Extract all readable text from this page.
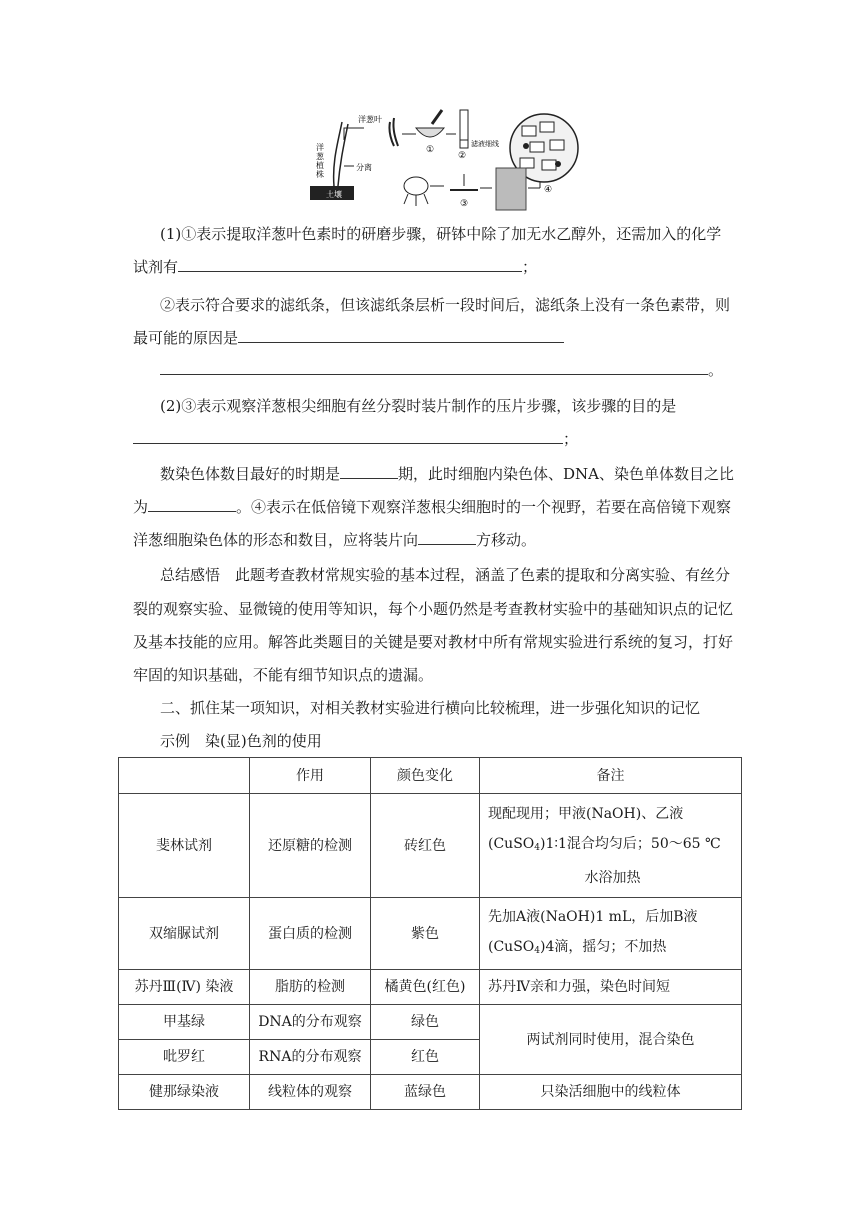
土壤
洋葱植株
洋葱叶
①
②
滤液细线
分离
③
④
(1)①表示提取洋葱叶色素时的研磨步骤，研钵中除了加无水乙醇外，还需加入的化学
试剂有	；
②表示符合要求的滤纸条，但该滤纸条层析一段时间后，滤纸条上没有一条色素带，则
最可能的原因是
。
(2)③表示观察洋葱根尖细胞有丝分裂时装片制作的压片步骤，该步骤的目的是
；
数染色体数目最好的时期是	期，此时细胞内染色体、DNA、染色单体数目之比
为	。④表示在低倍镜下观察洋葱根尖细胞时的一个视野，若要在高倍镜下观察
洋葱细胞染色体的形态和数目，应将装片向	方移动。
总结感悟　此题考查教材常规实验的基本过程，涵盖了色素的提取和分离实验、有丝分
裂的观察实验、显微镜的使用等知识，每个小题仍然是考查教材实验中的基础知识点的记忆
及基本技能的应用。解答此类题目的关键是要对教材中所有常规实验进行系统的复习，打好
牢固的知识基础，不能有细节知识点的遗漏。
二、抓住某一项知识，对相关教材实验进行横向比较梳理，进一步强化知识的记忆
示例　染(显)色剂的使用
	作用	颜色变化	备注
斐林试剂	还原糖的检测	砖红色	现配现用；甲液(NaOH)、乙液
(CuSO$_4$)1∶1混合均匀后；50～65 ℃
水浴加热

双缩脲试剂	蛋白质的检测	紫色	先加A液(NaOH)1 mL，后加B液
(CuSO$_4$)4滴，摇匀；不加热

苏丹Ⅲ(Ⅳ) 染液	脂肪的检测	橘黄色(红色)	苏丹Ⅳ亲和力强，染色时间短
甲基绿	DNA的分布观察	绿色	两试剂同时使用，混合染色
吡罗红	RNA的分布观察	红色	
健那绿染液	线粒体的观察	蓝绿色	只染活细胞中的线粒体
